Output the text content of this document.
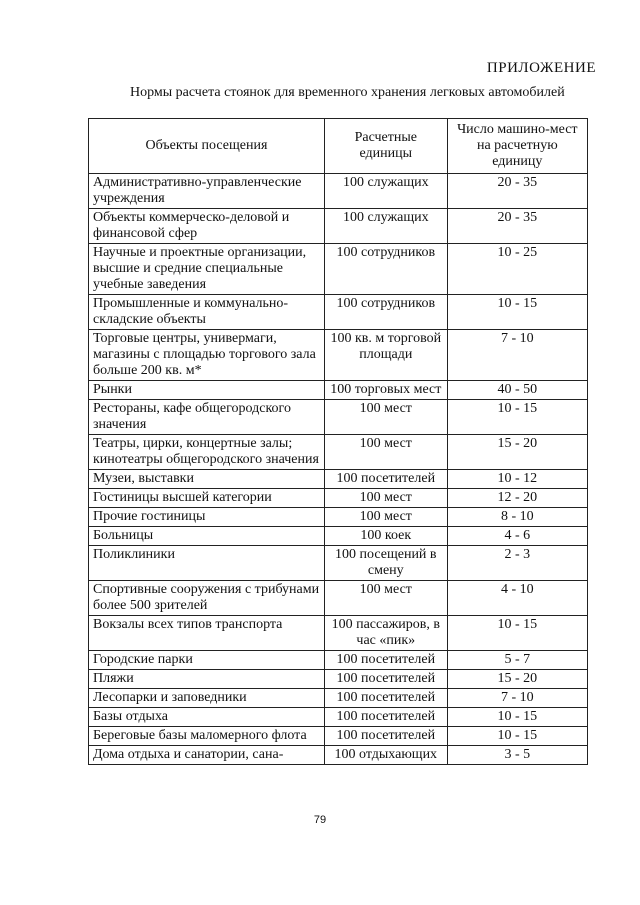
ПРИЛОЖЕНИЕ
Нормы расчета стоянок для временного хранения легковых автомобилей
Объекты посещения	Расчетные единицы	Число машино-мест на расчетную единицу
Административно-управленческие учреждения	100 служащих	20 - 35
Объекты коммерческо-деловой и финансовой сфер	100 служащих	20 - 35
Научные и проектные организации, высшие и средние специальные учебные заведения	100 сотрудников	10 - 25
Промышленные и коммунально-складские объекты	100 сотрудников	10 - 15
Торговые центры, универмаги, магазины с площадью торгового зала больше 200 кв. м*	100 кв. м торговой площади	7 - 10
Рынки	100 торговых мест	40 - 50
Рестораны, кафе общегородского значения	100 мест	10 - 15
Театры, цирки, концертные залы; кинотеатры общегородского значения	100 мест	15 - 20
Музеи, выставки	100 посетителей	10 - 12
Гостиницы высшей категории	100 мест	12 - 20
Прочие гостиницы	100 мест	8 - 10
Больницы	100 коек	4 - 6
Поликлиники	100 посещений в смену	2 - 3
Спортивные сооружения с трибунами более 500 зрителей	100 мест	4 - 10
Вокзалы всех типов транспорта	100 пассажиров, в час «пик»	10 - 15
Городские парки	100 посетителей	5 - 7
Пляжи	100 посетителей	15 - 20
Лесопарки и заповедники	100 посетителей	7 - 10
Базы отдыха	100 посетителей	10 - 15
Береговые базы маломерного флота	100 посетителей	10 - 15
Дома отдыха и санатории, сана-	100 отдыхающих	3 - 5
79
